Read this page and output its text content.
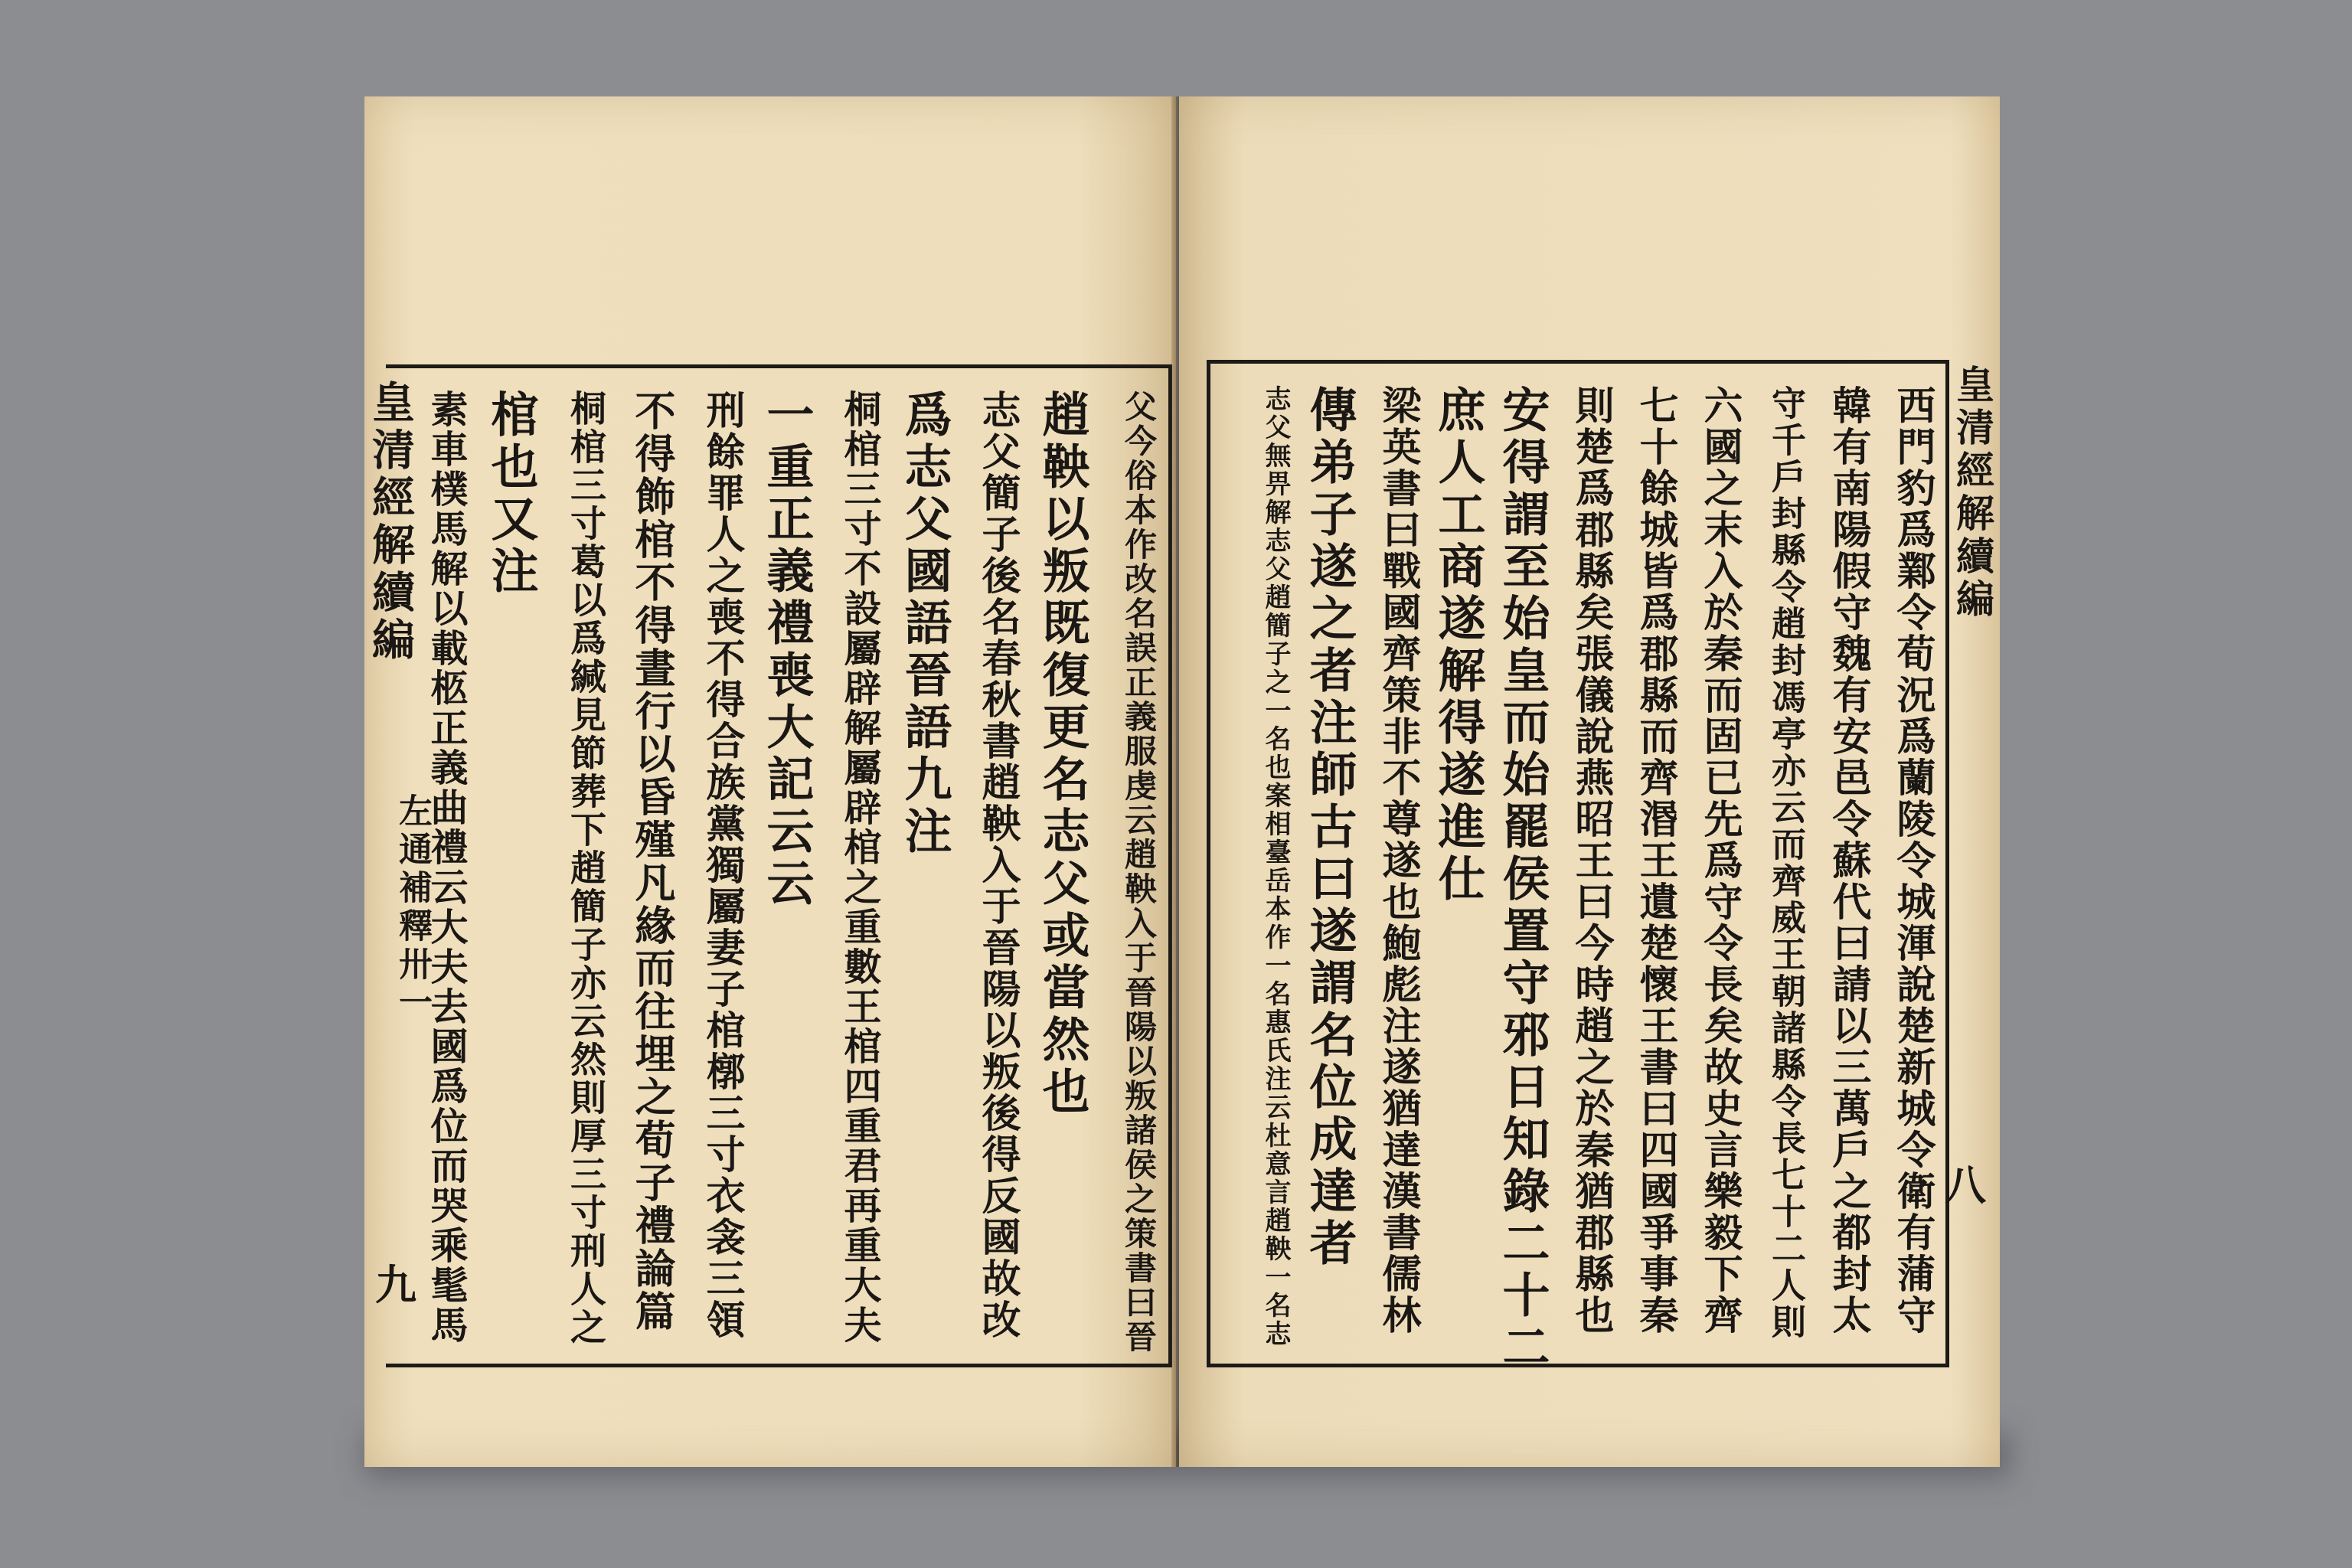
父今俗本作改名誤正義服虔云趙鞅入于晉陽以叛諸侯之策書曰晉
趙鞅以叛既復更名志父或當然也
志父簡子後名春秋書趙鞅入于晉陽以叛後得反國故改
爲志父國語晉語九注
桐棺三寸不設屬辟解屬辟棺之重數王棺四重君再重大夫
一重正義禮喪大記云云
刑餘罪人之喪不得合族黨獨屬妻子棺槨三寸衣衾三領
不得飾棺不得晝行以昏殣凡緣而往埋之荀子禮論篇
桐棺三寸葛以爲緘見節葬下趙簡子亦云然則厚三寸刑人之
棺也又注
素車樸馬解以載柩正義曲禮云大夫去國爲位而哭乘髦馬
皇清經解續編
左通補釋卅一
九	西門豹爲鄴令荀況爲蘭陵令城渾說楚新城令衛有蒲守
韓有南陽假守魏有安邑令蘇代曰請以三萬戶之都封太
守千戶封縣令趙封馮亭亦云而齊威王朝諸縣令長七十二人則
六國之末入於秦而固已先爲守令長矣故史言樂毅下齊
七十餘城皆爲郡縣而齊湣王遺楚懷王書曰四國爭事秦
則楚爲郡縣矣張儀說燕昭王曰今時趙之於秦猶郡縣也
安得謂至始皇而始罷侯置守邪日知錄二十二
庶人工商遂解得遂進仕
梁英書曰戰國齊策非不尊遂也鮑彪注遂猶達漢書儒林
傳弟子遂之者注師古曰遂謂名位成達者
志父無畀解志父趙簡子之一名也案相臺岳本作一名惠氏注云杜意言趙鞅一名志	皇清經解續編
八
